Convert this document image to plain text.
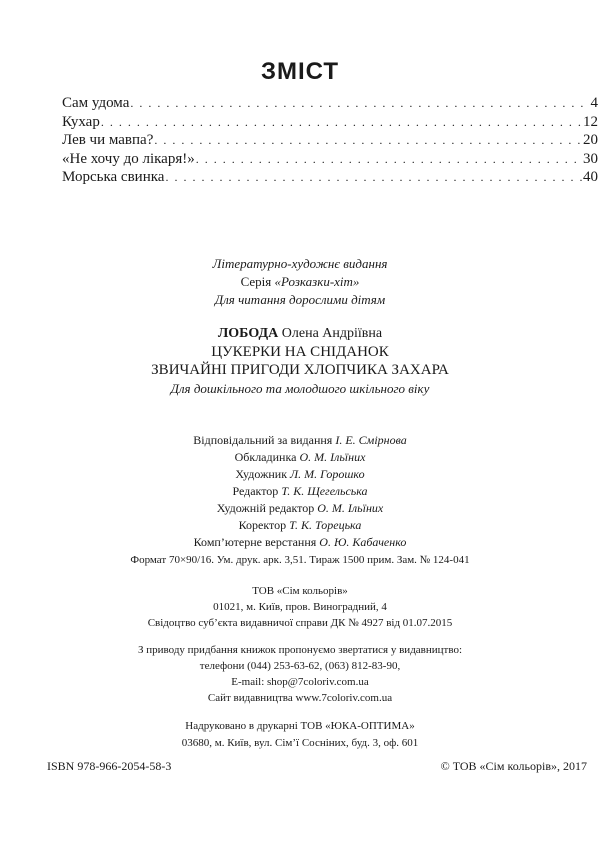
ЗМІСТ
Сам удома . . .	4
Кухар . . .	12
Лев чи мавпа? . . .	20
«Не хочу до лікаря!» . . .	30
Морська свинка . . .	40
Літературно-художнє видання
Серія «Розказки-хіт»
Для читання дорослими дітям
ЛОБОДА Олена Андріївна
ЦУКЕРКИ НА СНІДАНОК
ЗВИЧАЙНІ ПРИГОДИ ХЛОПЧИКА ЗАХАРА
Для дошкільного та молодшого шкільного віку
Відповідальний за видання І. Е. Смірнова
Обкладинка О. М. Ільїних
Художник Л. М. Горошко
Редактор Т. К. Щегельська
Художній редактор О. М. Ільїних
Коректор Т. К. Торецька
Комп’ютерне верстання О. Ю. Кабаченко
Формат 70×90/16. Ум. друк. арк. 3,51. Тираж 1500 прим. Зам. № 124-041
ТОВ «Сім кольорів»
01021, м. Київ, пров. Виноградний, 4
Свідоцтво суб’єкта видавничої справи ДК № 4927 від 01.07.2015
З приводу придбання книжок пропонуємо звертатися у видавництво:
телефони (044) 253-63-62, (063) 812-83-90,
E-mail: shop@7coloriv.com.ua
Сайт видавництва www.7coloriv.com.ua
Надруковано в друкарні ТОВ «ЮКА-ОПТИМА»
03680, м. Київ, вул. Сім’ї Сосніних, буд. 3, оф. 601
ISBN 978-966-2054-58-3	© ТОВ «Сім кольорів», 2017
